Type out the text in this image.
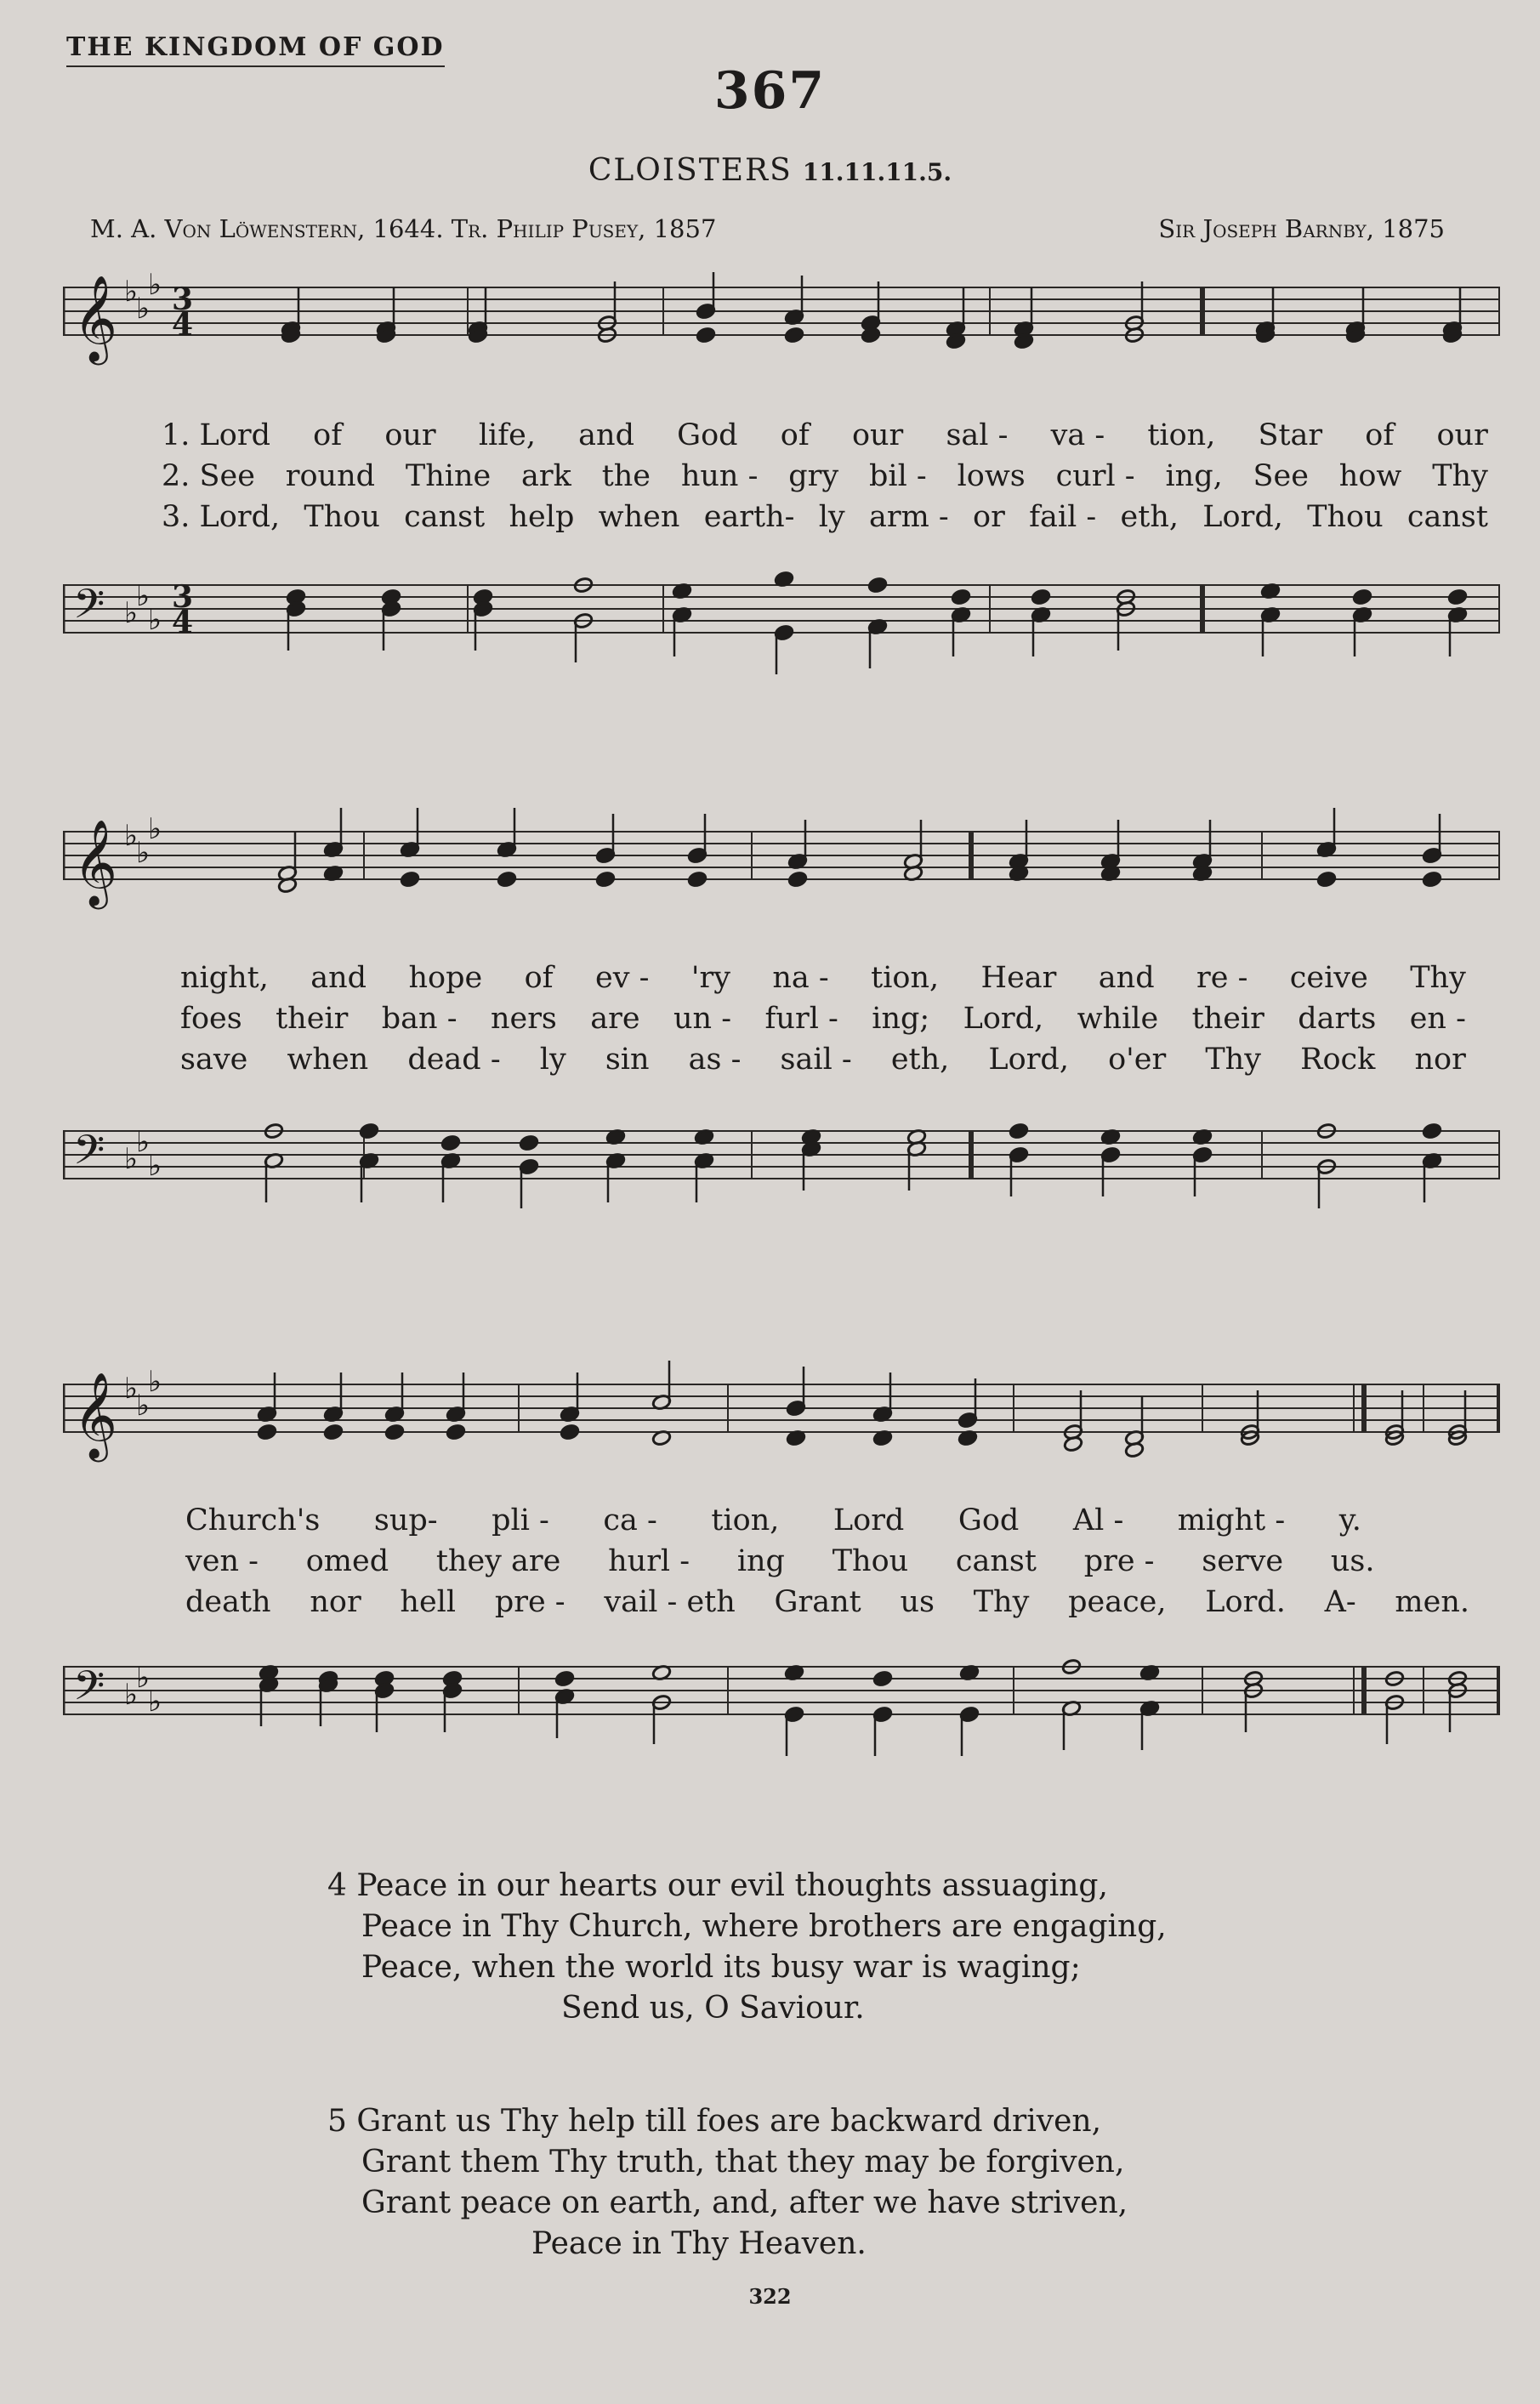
THE KINGDOM OF GOD
367
CLOISTERS 11.11.11.5.
M. A. Von Löwenstern, 1644. Tr. Philip Pusey, 1857	Sir Joseph Barnby, 1875
𝄞 ♭
♭
♭ 3
4
1. Lord of our life, and God of our sal - va - tion, Star of our
2. See round Thine ark the hun - gry bil - lows curl - ing, See how Thy
3. Lord, Thou canst help when earth- ly arm - or fail - eth, Lord, Thou canst
𝄢 ♭
♭
♭
3
4
𝄞 ♭
♭
♭
night, and hope of ev - 'ry na - tion, Hear and re - ceive Thy
foes their ban - ners are un - furl - ing; Lord, while their darts en -
save when dead - ly sin as - sail - eth, Lord, o'er Thy Rock nor
𝄢 ♭
♭
♭
𝄞 ♭
♭
♭
Church's sup- pli - ca - tion, Lord God Al - might - y.
ven - omed they are hurl - ing Thou canst pre - serve us.
death nor hell pre - vail - eth Grant us Thy peace, Lord. A- men.
𝄢 ♭
♭
♭
4 Peace in our hearts our evil thoughts assuaging,
Peace in Thy Church, where brothers are engaging,
Peace, when the world its busy war is waging;
Send us, O Saviour.
5 Grant us Thy help till foes are backward driven,
Grant them Thy truth, that they may be forgiven,
Grant peace on earth, and, after we have striven,
Peace in Thy Heaven.
322
